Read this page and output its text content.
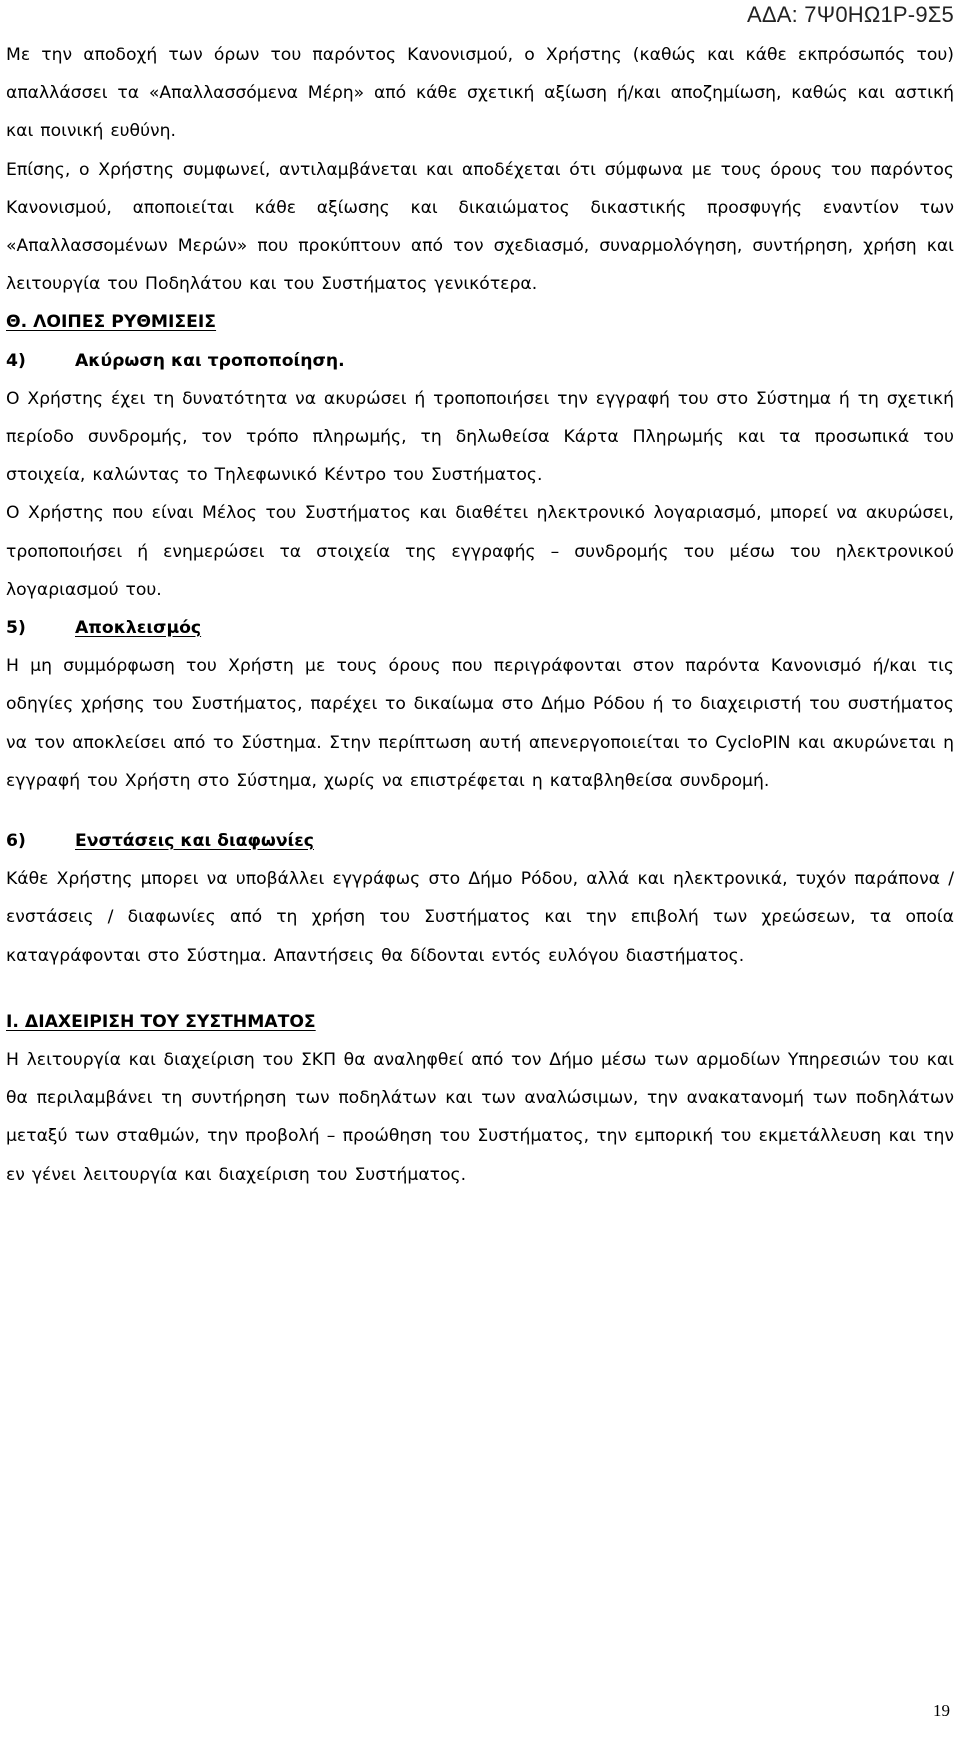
ΑΔΑ: 7Ψ0ΗΩ1Ρ-9Σ5

Με την αποδοχή των όρων του παρόντος Κανονισμού, ο Χρήστης (καθώς και κάθε εκπρόσωπός του) απαλλάσσει τα «Απαλλασσόμενα Μέρη» από κάθε σχετική αξίωση ή/και αποζημίωση, καθώς και αστική και ποινική ευθύνη.

Επίσης, ο Χρήστης συμφωνεί, αντιλαμβάνεται και αποδέχεται ότι σύμφωνα με τους όρους του παρόντος Κανονισμού, αποποιείται κάθε αξίωσης και δικαιώματος δικαστικής προσφυγής εναντίον των «Απαλλασσομένων Μερών» που προκύπτουν από τον σχεδιασμό, συναρμολόγηση, συντήρηση, χρήση και λειτουργία του Ποδηλάτου και του Συστήματος γενικότερα.

Θ. ΛΟΙΠΕΣ ΡΥΘΜΙΣΕΙΣ
4)	Ακύρωση και τροποποίηση.

Ο Χρήστης έχει τη δυνατότητα να ακυρώσει ή τροποποιήσει την εγγραφή του στο Σύστημα ή τη σχετική περίοδο συνδρομής, τον τρόπο πληρωμής, τη δηλωθείσα Κάρτα Πληρωμής και τα προσωπικά του στοιχεία, καλώντας το Τηλεφωνικό Κέντρο του Συστήματος.

Ο Χρήστης που είναι Μέλος του Συστήματος και διαθέτει ηλεκτρονικό λογαριασμό, μπορεί να ακυρώσει, τροποποιήσει ή ενημερώσει τα στοιχεία της εγγραφής – συνδρομής του μέσω του ηλεκτρονικού λογαριασμού του.

5)	Αποκλεισμός

Η μη συμμόρφωση του Χρήστη με τους όρους που περιγράφονται στον παρόντα Κανονισμό ή/και τις οδηγίες χρήσης του Συστήματος, παρέχει το δικαίωμα στο Δήμο Ρόδου ή το διαχειριστή του συστήματος να τον αποκλείσει από το Σύστημα. Στην περίπτωση αυτή απενεργοποιείται το CycloPIN και ακυρώνεται η εγγραφή του Χρήστη στο Σύστημα, χωρίς να επιστρέφεται η καταβληθείσα συνδρομή.

6)	Ενστάσεις και διαφωνίες

Κάθε Χρήστης μπορει να υποβάλλει εγγράφως στο Δήμο Ρόδου, αλλά και ηλεκτρονικά, τυχόν παράπονα / ενστάσεις / διαφωνίες από τη χρήση του Συστήματος και την επιβολή των χρεώσεων, τα οποία καταγράφονται στο Σύστημα. Απαντήσεις θα δίδονται εντός ευλόγου διαστήματος.

Ι. ΔΙΑΧΕΙΡΙΣΗ ΤΟΥ ΣΥΣΤΗΜΑΤΟΣ

Η λειτουργία και διαχείριση του ΣΚΠ θα αναληφθεί από τον Δήμο μέσω των αρμοδίων Υπηρεσιών του και θα περιλαμβάνει τη συντήρηση των ποδηλάτων και των αναλώσιμων, την ανακατανομή των ποδηλάτων μεταξύ των σταθμών, την προβολή – προώθηση του Συστήματος, την εμπορική του εκμετάλλευση και την εν γένει λειτουργία και διαχείριση του Συστήματος.

19
